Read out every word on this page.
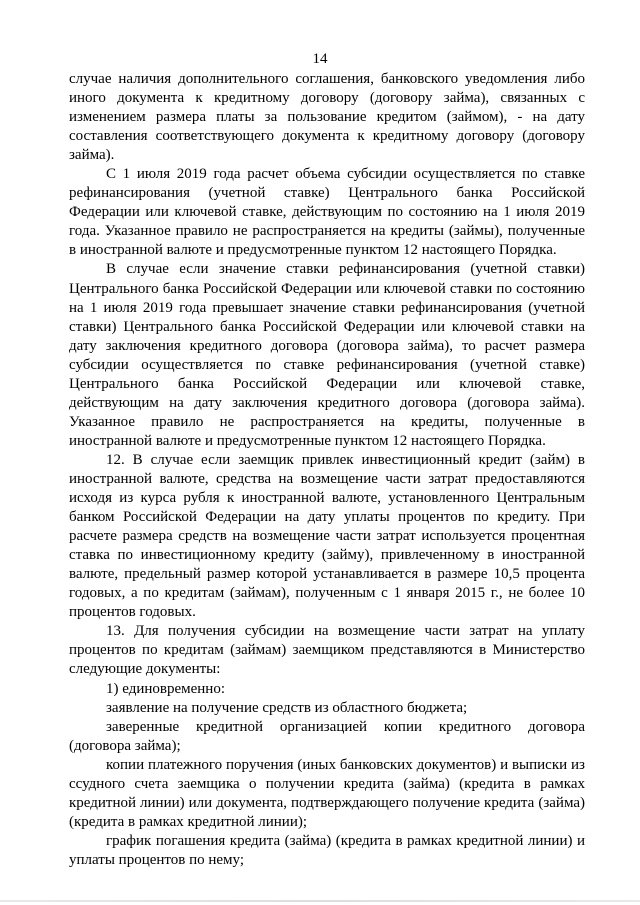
14

случае наличия дополнительного соглашения, банковского уведомления либо иного документа к кредитному договору (договору займа), связанных с изменением размера платы за пользование кредитом (займом), - на дату составления соответствующего документа к кредитному договору (договору займа).

С 1 июля 2019 года расчет объема субсидии осуществляется по ставке рефинансирования (учетной ставке) Центрального банка Российской Федерации или ключевой ставке, действующим по состоянию на 1 июля 2019 года. Указанное правило не распространяется на кредиты (займы), полученные в иностранной валюте и предусмотренные пунктом 12 настоящего Порядка.

В случае если значение ставки рефинансирования (учетной ставки) Центрального банка Российской Федерации или ключевой ставки по состоянию на 1 июля 2019 года превышает значение ставки рефинансирования (учетной ставки) Центрального банка Российской Федерации или ключевой ставки на дату заключения кредитного договора (договора займа), то расчет размера субсидии осуществляется по ставке рефинансирования (учетной ставке) Центрального банка Российской Федерации или ключевой ставке, действующим на дату заключения кредитного договора (договора займа). Указанное правило не распространяется на кредиты, полученные в иностранной валюте и предусмотренные пунктом 12 настоящего Порядка.

12. В случае если заемщик привлек инвестиционный кредит (займ) в иностранной валюте, средства на возмещение части затрат предоставляются исходя из курса рубля к иностранной валюте, установленного Центральным банком Российской Федерации на дату уплаты процентов по кредиту. При расчете размера средств на возмещение части затрат используется процентная ставка по инвестиционному кредиту (займу), привлеченному в иностранной валюте, предельный размер которой устанавливается в размере 10,5 процента годовых, а по кредитам (займам), полученным с 1 января 2015 г., не более 10 процентов годовых.

13. Для получения субсидии на возмещение части затрат на уплату процентов по кредитам (займам) заемщиком представляются в Министерство следующие документы:

1) единовременно:

заявление на получение средств из областного бюджета;

заверенные кредитной организацией копии кредитного договора (договора займа);

копии платежного поручения (иных банковских документов) и выписки из ссудного счета заемщика о получении кредита (займа) (кредита в рамках кредитной линии) или документа, подтверждающего получение кредита (займа) (кредита в рамках кредитной линии);

график погашения кредита (займа) (кредита в рамках кредитной линии) и уплаты процентов по нему;
